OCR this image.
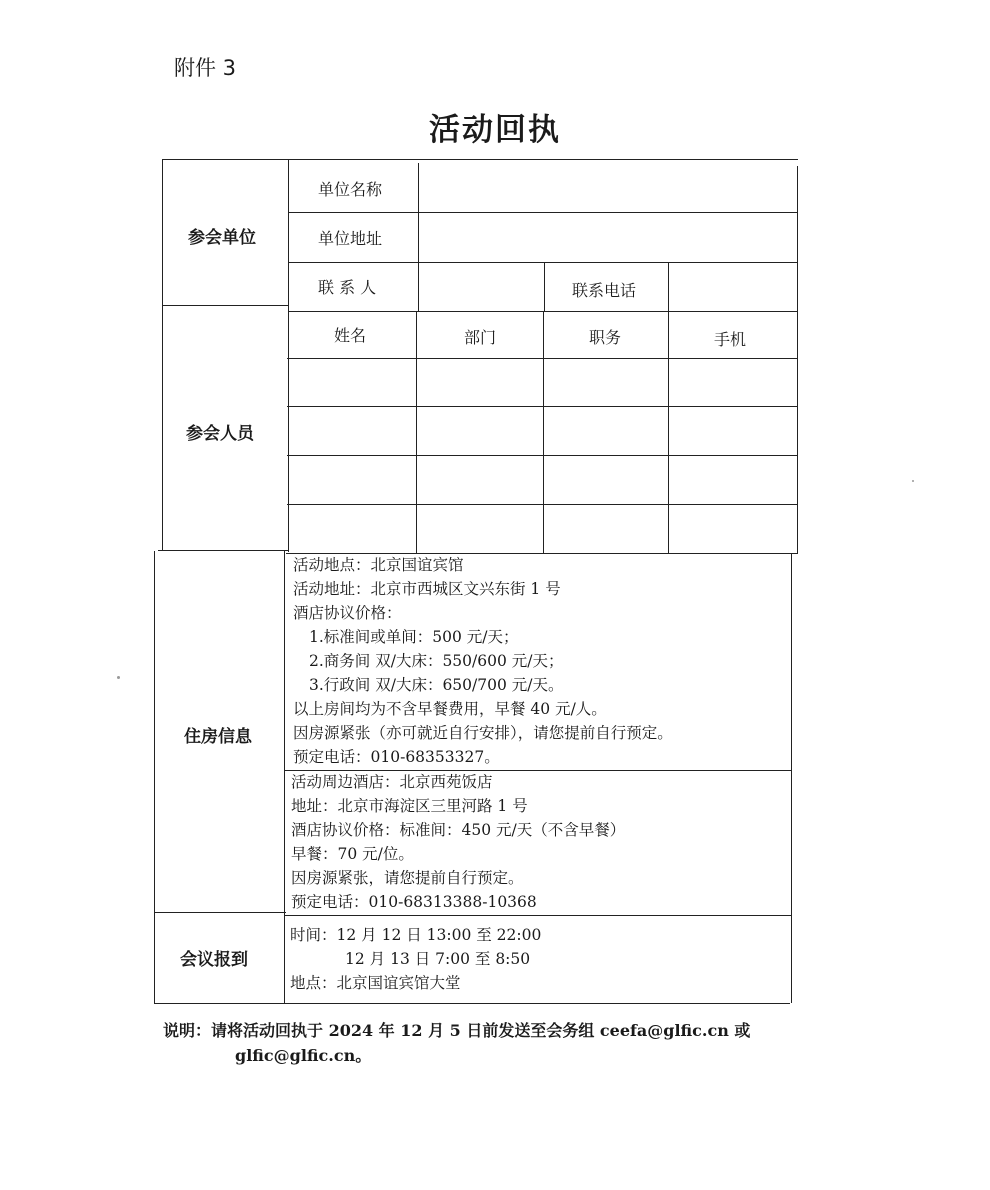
附件 3
活动回执
参会单位
单位名称
单位地址
联 系 人	联系电话
参会人员
姓名	部门	职务	手机
住房信息
活动地点：北京国谊宾馆
活动地址：北京市西城区文兴东街 1 号
酒店协议价格：
1.标准间或单间：500 元/天；
2.商务间 双/大床：550/600 元/天；
3.行政间 双/大床：650/700 元/天。
以上房间均为不含早餐费用，早餐 40 元/人。
因房源紧张（亦可就近自行安排），请您提前自行预定。
预定电话：010-68353327。
活动周边酒店：北京西苑饭店
地址：北京市海淀区三里河路 1 号
酒店协议价格：标准间：450 元/天（不含早餐）
早餐：70 元/位。
因房源紧张，请您提前自行预定。
预定电话：010-68313388-10368
会议报到
时间：12 月 12 日 13:00 至 22:00
12 月 13 日 7:00 至 8:50
地点：北京国谊宾馆大堂
说明：请将活动回执于 2024 年 12 月 5 日前发送至会务组 ceefa@glfic.cn 或
glfic@glfic.cn。
